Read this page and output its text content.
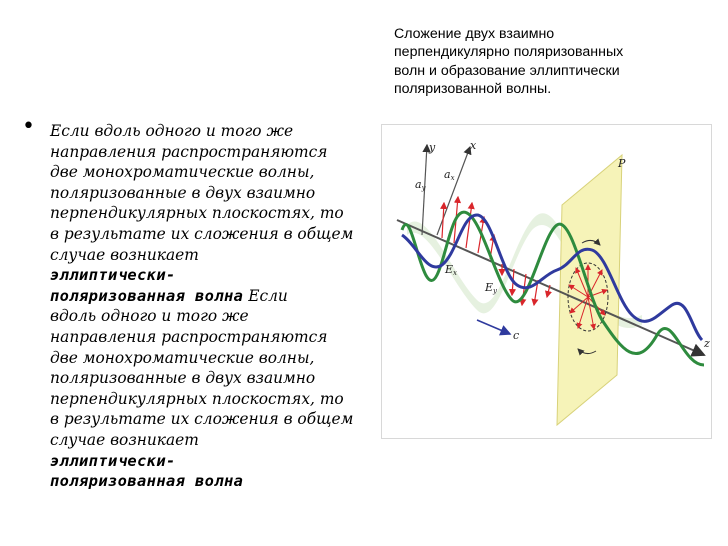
Сложение двух взаимно
перпендикулярно поляризованных
волн и образование эллиптически
поляризованной волны.
• Если вдоль одного и того же
направления распространяются
две монохроматические волны,
поляризованные в двух взаимно
перпендикулярных плоскостях, то
в результате их сложения в общем
случае возникает
эллиптически-
поляризованная волна Если
вдоль одного и того же
направления распространяются
две монохроматические волны,
поляризованные в двух взаимно
перпендикулярных плоскостях, то
в результате их сложения в общем
случае возникает
эллиптически-
поляризованная волна
y	x
z
P
ay
ax
Ex
Ey
c
